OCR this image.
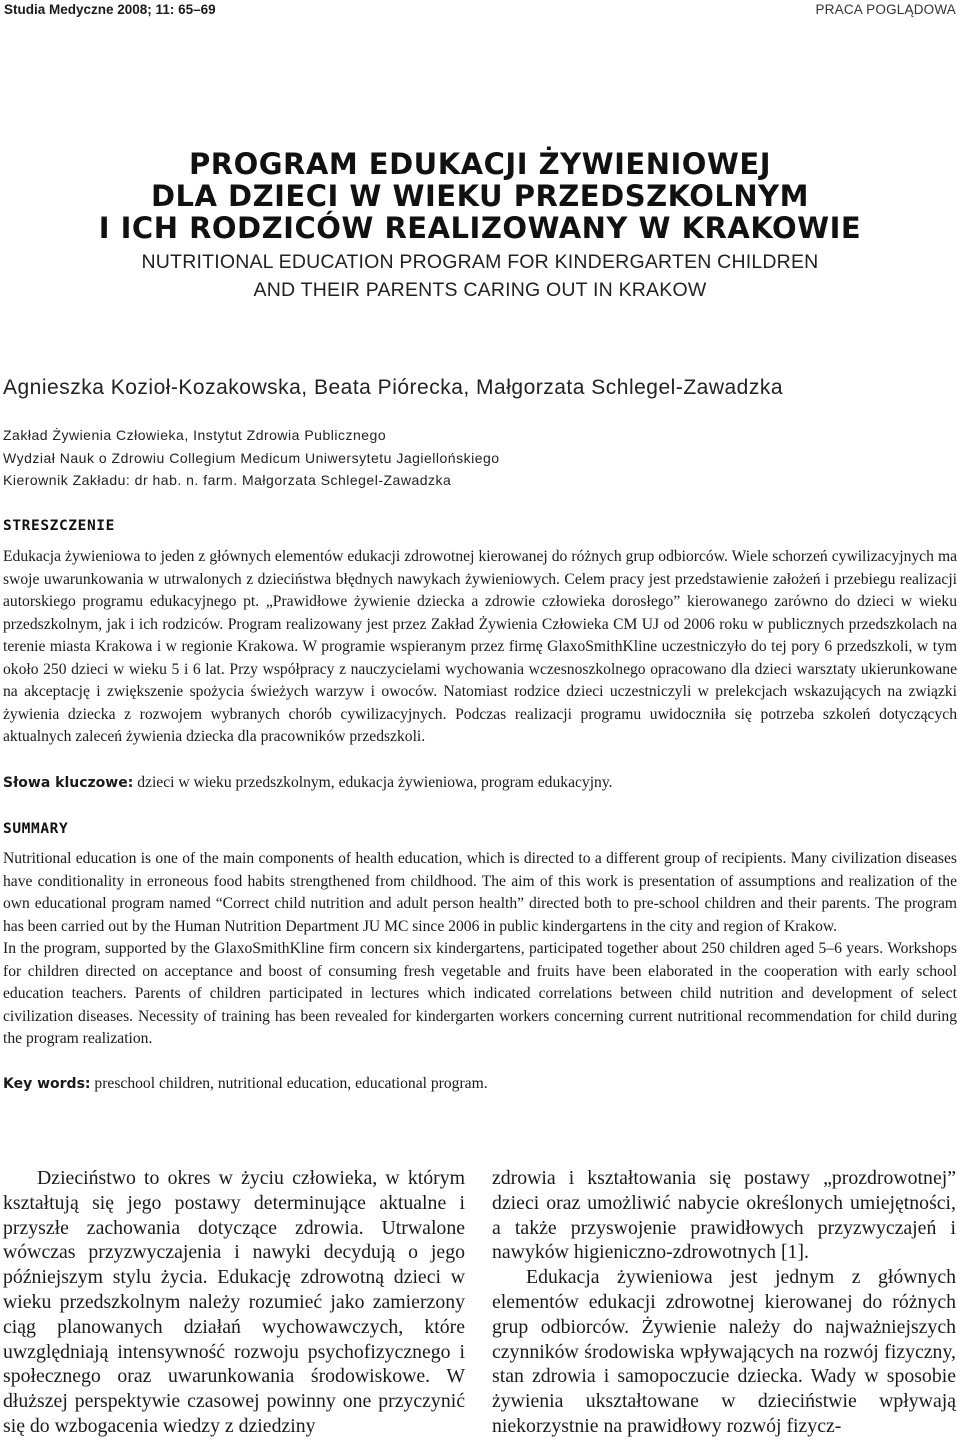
Studia Medyczne 2008; 11: 65–69	PRACA POGLĄDOWA
PROGRAM EDUKACJI ŻYWIENIOWEJ
DLA DZIECI W WIEKU PRZEDSZKOLNYM
I ICH RODZICÓW REALIZOWANY W KRAKOWIE
NUTRITIONAL EDUCATION PROGRAM FOR KINDERGARTEN CHILDREN
AND THEIR PARENTS CARING OUT IN KRAKOW
Agnieszka Kozioł-Kozakowska, Beata Piórecka, Małgorzata Schlegel-Zawadzka
Zakład Żywienia Człowieka, Instytut Zdrowia Publicznego
Wydział Nauk o Zdrowiu Collegium Medicum Uniwersytetu Jagiellońskiego
Kierownik Zakładu: dr hab. n. farm. Małgorzata Schlegel-Zawadzka
STRESZCZENIE

Edukacja żywieniowa to jeden z głównych elementów edukacji zdrowotnej kierowanej do różnych grup odbiorców. Wiele schorzeń cywilizacyjnych ma swoje uwarunkowania w utrwalonych z dzieciństwa błędnych nawykach żywieniowych. Celem pracy jest przedstawienie założeń i przebiegu realizacji autorskiego programu edukacyjnego pt. „Prawidłowe żywienie dziecka a zdrowie człowieka dorosłego” kierowanego zarówno do dzieci w wieku przedszkolnym, jak i ich rodziców. Program realizowany jest przez Zakład Żywienia Człowieka CM UJ od 2006 roku w publicznych przedszkolach na terenie miasta Krakowa i w regionie Krakowa. W programie wspieranym przez firmę GlaxoSmithKline uczestniczyło do tej pory 6 przedszkoli, w tym około 250 dzieci w wieku 5 i 6 lat. Przy współpracy z nauczycielami wychowania wczesnoszkolnego opracowano dla dzieci warsztaty ukierunkowane na akceptację i zwiększenie spożycia świeżych warzyw i owoców. Natomiast rodzice dzieci uczestniczyli w prelekcjach wskazujących na związki żywienia dziecka z rozwojem wybranych chorób cywilizacyjnych. Podczas realizacji programu uwidoczniła się potrzeba szkoleń dotyczących aktualnych zaleceń żywienia dziecka dla pracowników przedszkoli.

Słowa kluczowe: dzieci w wieku przedszkolnym, edukacja żywieniowa, program edukacyjny.
SUMMARY

Nutritional education is one of the main components of health education, which is directed to a different group of recipients. Many civilization diseases have conditionality in erroneous food habits strengthened from childhood. The aim of this work is presentation of assumptions and realization of the own educational program named “Correct child nutrition and adult person health” directed both to pre-school children and their parents. The program has been carried out by the Human Nutrition Department JU MC since 2006 in public kindergartens in the city and region of Krakow.

In the program, supported by the GlaxoSmithKline firm concern six kindergartens, participated together about 250 children aged 5–6 years. Workshops for children directed on acceptance and boost of consuming fresh vegetable and fruits have been elaborated in the cooperation with early school education teachers. Parents of children participated in lectures which indicated correlations between child nutrition and development of select civilization diseases. Necessity of training has been revealed for kindergarten workers concerning current nutritional recommendation for child during the program realization.

Key words: preschool children, nutritional education, educational program.

Dzieciństwo to okres w życiu człowieka, w którym kształtują się jego postawy determinujące aktualne i przyszłe zachowania dotyczące zdrowia. Utrwalone wówczas przyzwyczajenia i nawyki decydują o jego późniejszym stylu życia. Edukację zdrowotną dzieci w wieku przedszkolnym należy rozumieć jako zamierzony ciąg planowanych działań wychowawczych, które uwzględniają intensywność rozwoju psychofizycznego i społecznego oraz uwarunkowania środowiskowe. W dłuższej perspektywie czasowej powinny one przyczynić się do wzbogacenia wiedzy z dziedziny

zdrowia i kształtowania się postawy „prozdrowotnej” dzieci oraz umożliwić nabycie określonych umiejętności, a także przyswojenie prawidłowych przyzwyczajeń i nawyków higieniczno-zdrowotnych [1].

Edukacja żywieniowa jest jednym z głównych elementów edukacji zdrowotnej kierowanej do różnych grup odbiorców. Żywienie należy do najważniejszych czynników środowiska wpływających na rozwój fizyczny, stan zdrowia i samopoczucie dziecka. Wady w sposobie żywienia ukształtowane w dzieciństwie wpływają niekorzystnie na prawidłowy rozwój fizycz-
